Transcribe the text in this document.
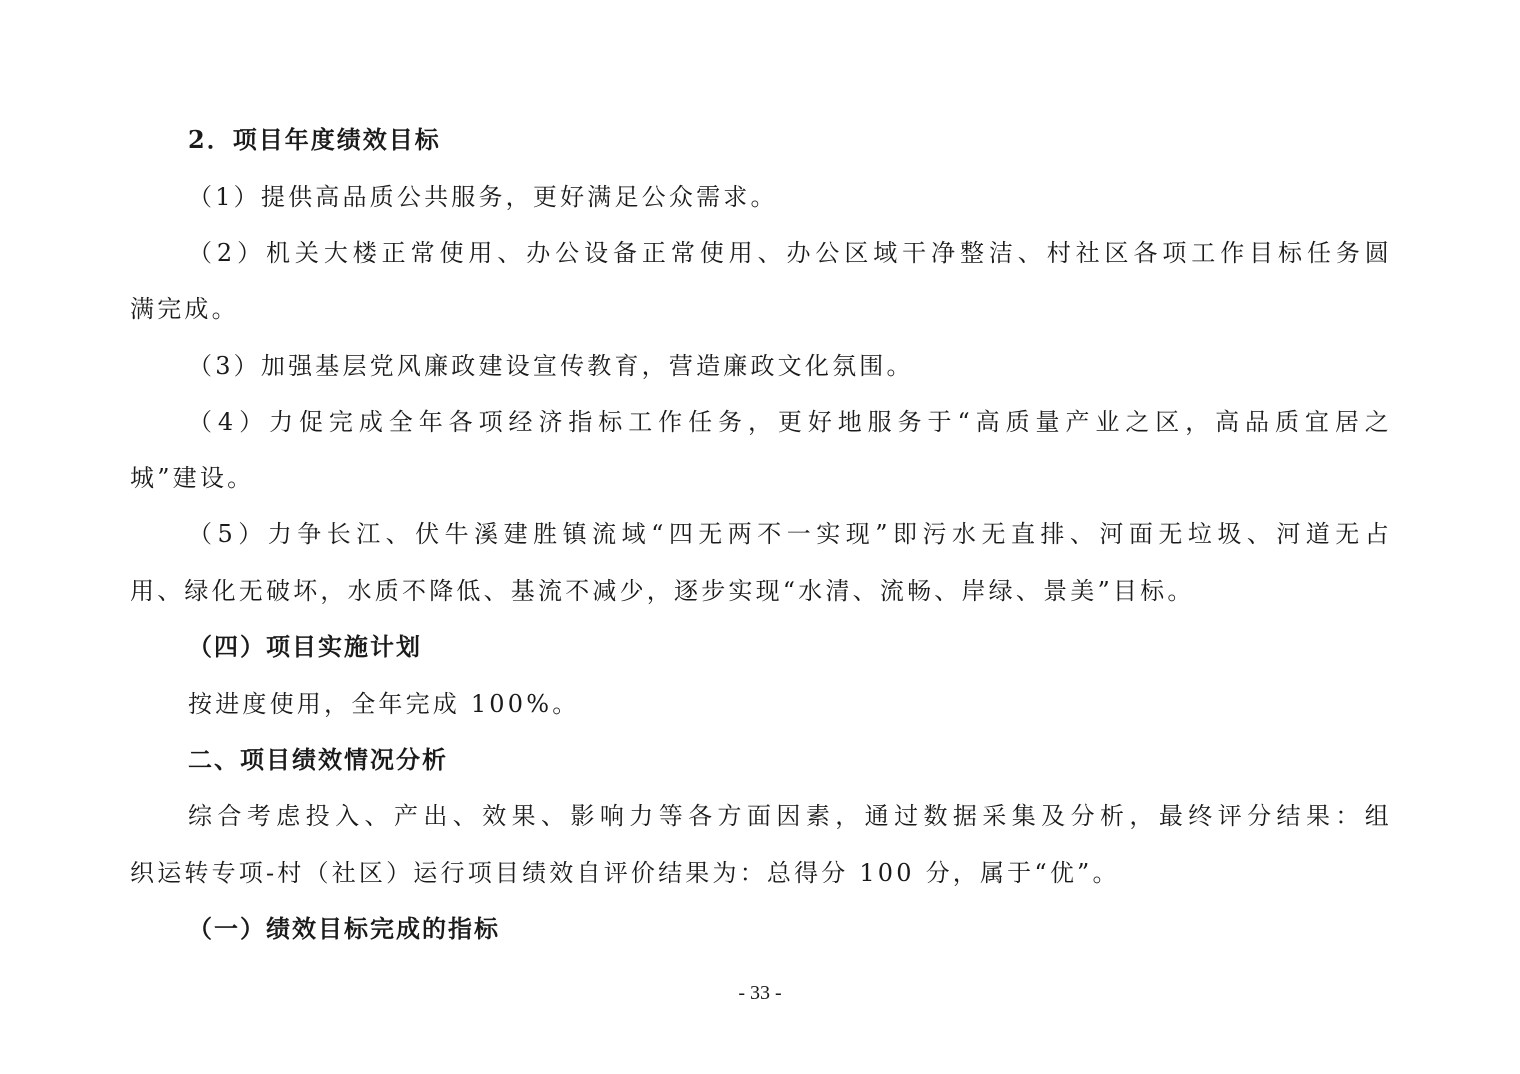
2．项目年度绩效目标
（1）提供高品质公共服务，更好满足公众需求。
（2）机关大楼正常使用、办公设备正常使用、办公区域干净整洁、村社区各项工作目标任务圆
满完成。
（3）加强基层党风廉政建设宣传教育，营造廉政文化氛围。
（4）力促完成全年各项经济指标工作任务，更好地服务于“高质量产业之区，高品质宜居之
城”建设。
（5）力争长江、伏牛溪建胜镇流域“四无两不一实现”即污水无直排、河面无垃圾、河道无占
用、绿化无破坏，水质不降低、基流不减少，逐步实现“水清、流畅、岸绿、景美”目标。
（四）项目实施计划
按进度使用，全年完成 100%。
二、项目绩效情况分析
综合考虑投入、产出、效果、影响力等各方面因素，通过数据采集及分析，最终评分结果：组
织运转专项-村（社区）运行项目绩效自评价结果为：总得分 100 分，属于“优”。
（一）绩效目标完成的指标
- 33 -
